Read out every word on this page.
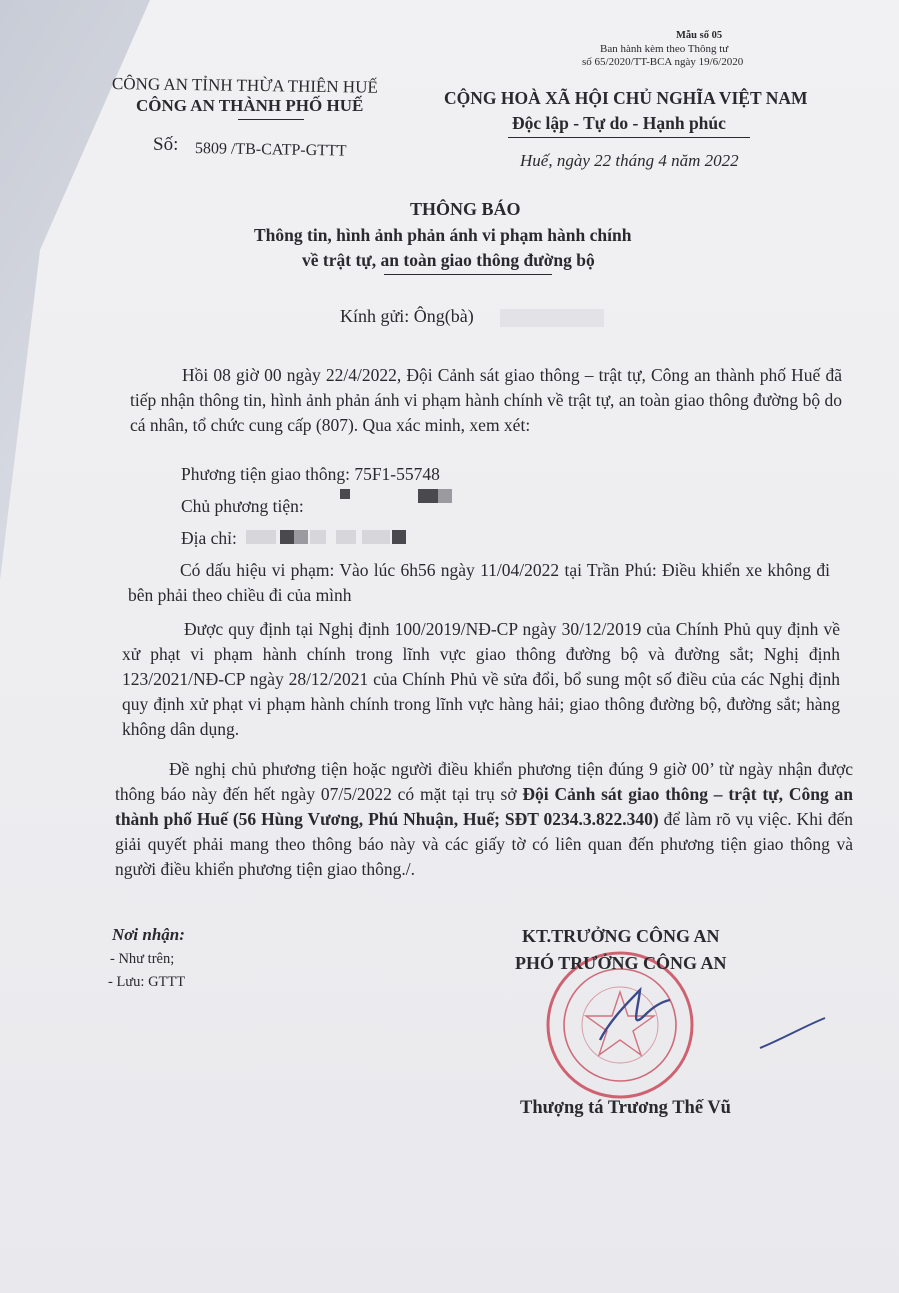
Mẫu số 05
Ban hành kèm theo Thông tư
số 65/2020/TT-BCA ngày 19/6/2020
CÔNG AN TỈNH THỪA THIÊN HUẾ
CÔNG AN THÀNH PHỐ HUẾ
Số: 5809 /TB-CATP-GTTT
CỘNG HOÀ XÃ HỘI CHỦ NGHĨA VIỆT NAM
Độc lập - Tự do - Hạnh phúc
Huế, ngày 22 tháng 4 năm 2022
THÔNG BÁO
Thông tin, hình ảnh phản ánh vi phạm hành chính
về trật tự, an toàn giao thông đường bộ
Kính gửi: Ông(bà)
Hồi 08 giờ 00 ngày 22/4/2022, Đội Cảnh sát giao thông – trật tự, Công an thành phố Huế đã tiếp nhận thông tin, hình ảnh phản ánh vi phạm hành chính về trật tự, an toàn giao thông đường bộ do cá nhân, tổ chức cung cấp (807). Qua xác minh, xem xét:
Phương tiện giao thông: 75F1-55748
Chủ phương tiện:
Địa chỉ:
Có dấu hiệu vi phạm: Vào lúc 6h56 ngày 11/04/2022 tại Trần Phú: Điều khiển xe không đi bên phải theo chiều đi của mình
Được quy định tại Nghị định 100/2019/NĐ-CP ngày 30/12/2019 của Chính Phủ quy định về xử phạt vi phạm hành chính trong lĩnh vực giao thông đường bộ và đường sắt; Nghị định 123/2021/NĐ-CP ngày 28/12/2021 của Chính Phủ về sửa đổi, bổ sung một số điều của các Nghị định quy định xử phạt vi phạm hành chính trong lĩnh vực hàng hải; giao thông đường bộ, đường sắt; hàng không dân dụng.
Đề nghị chủ phương tiện hoặc người điều khiển phương tiện đúng 9 giờ 00’ từ ngày nhận được thông báo này đến hết ngày 07/5/2022 có mặt tại trụ sở Đội Cảnh sát giao thông – trật tự, Công an thành phố Huế (56 Hùng Vương, Phú Nhuận, Huế; SĐT 0234.3.822.340) để làm rõ vụ việc. Khi đến giải quyết phải mang theo thông báo này và các giấy tờ có liên quan đến phương tiện giao thông và người điều khiển phương tiện giao thông./.
Nơi nhận:
- Như trên;
- Lưu: GTTT
KT.TRƯỞNG CÔNG AN
PHÓ TRƯỞNG CÔNG AN
Thượng tá Trương Thế Vũ
